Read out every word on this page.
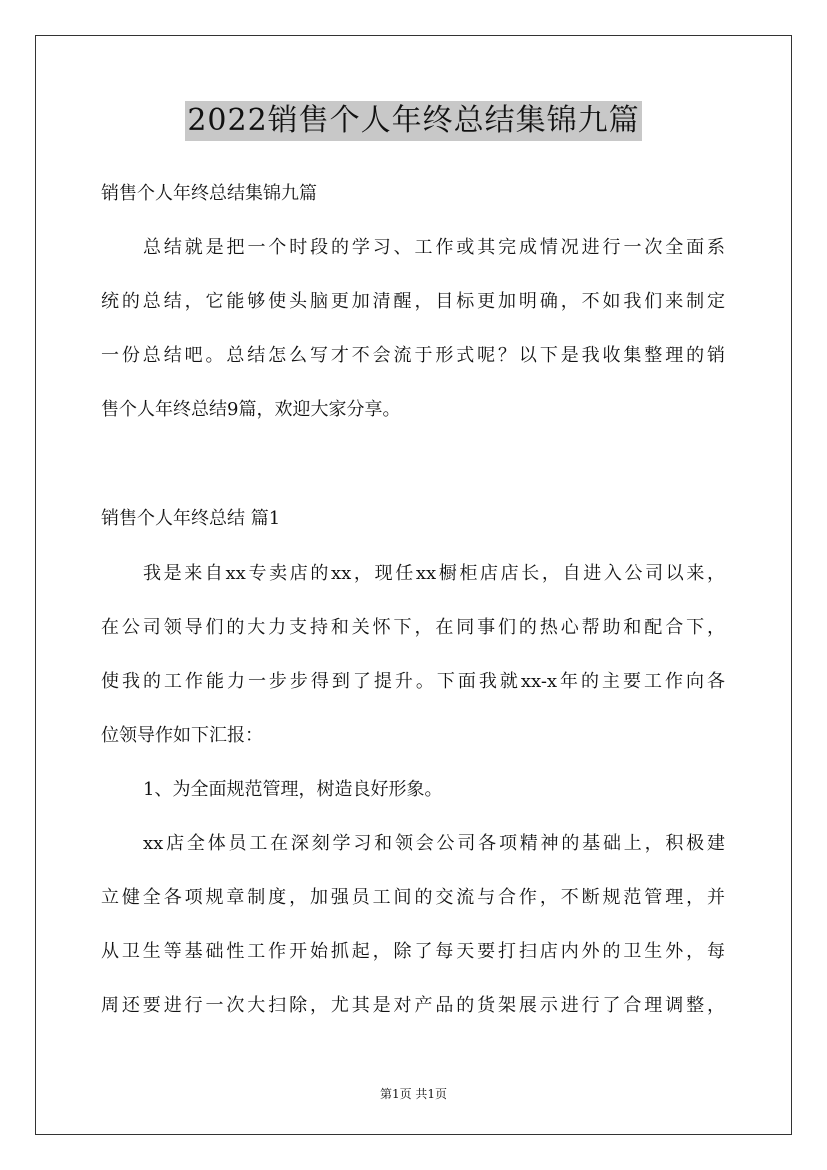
2022销售个人年终总结集锦九篇
销售个人年终总结集锦九篇
总结就是把一个时段的学习、工作或其完成情况进行一次全面系
统的总结，它能够使头脑更加清醒，目标更加明确，不如我们来制定
一份总结吧。总结怎么写才不会流于形式呢？以下是我收集整理的销
售个人年终总结9篇，欢迎大家分享。
销售个人年终总结 篇1
我是来自xx专卖店的xx，现任xx橱柜店店长，自进入公司以来，
在公司领导们的大力支持和关怀下，在同事们的热心帮助和配合下，
使我的工作能力一步步得到了提升。下面我就xx-x年的主要工作向各
位领导作如下汇报：
1、为全面规范管理，树造良好形象。
xx店全体员工在深刻学习和领会公司各项精神的基础上，积极建
立健全各项规章制度，加强员工间的交流与合作，不断规范管理，并
从卫生等基础性工作开始抓起，除了每天要打扫店内外的卫生外，每
周还要进行一次大扫除，尤其是对产品的货架展示进行了合理调整，
第1页 共1页
